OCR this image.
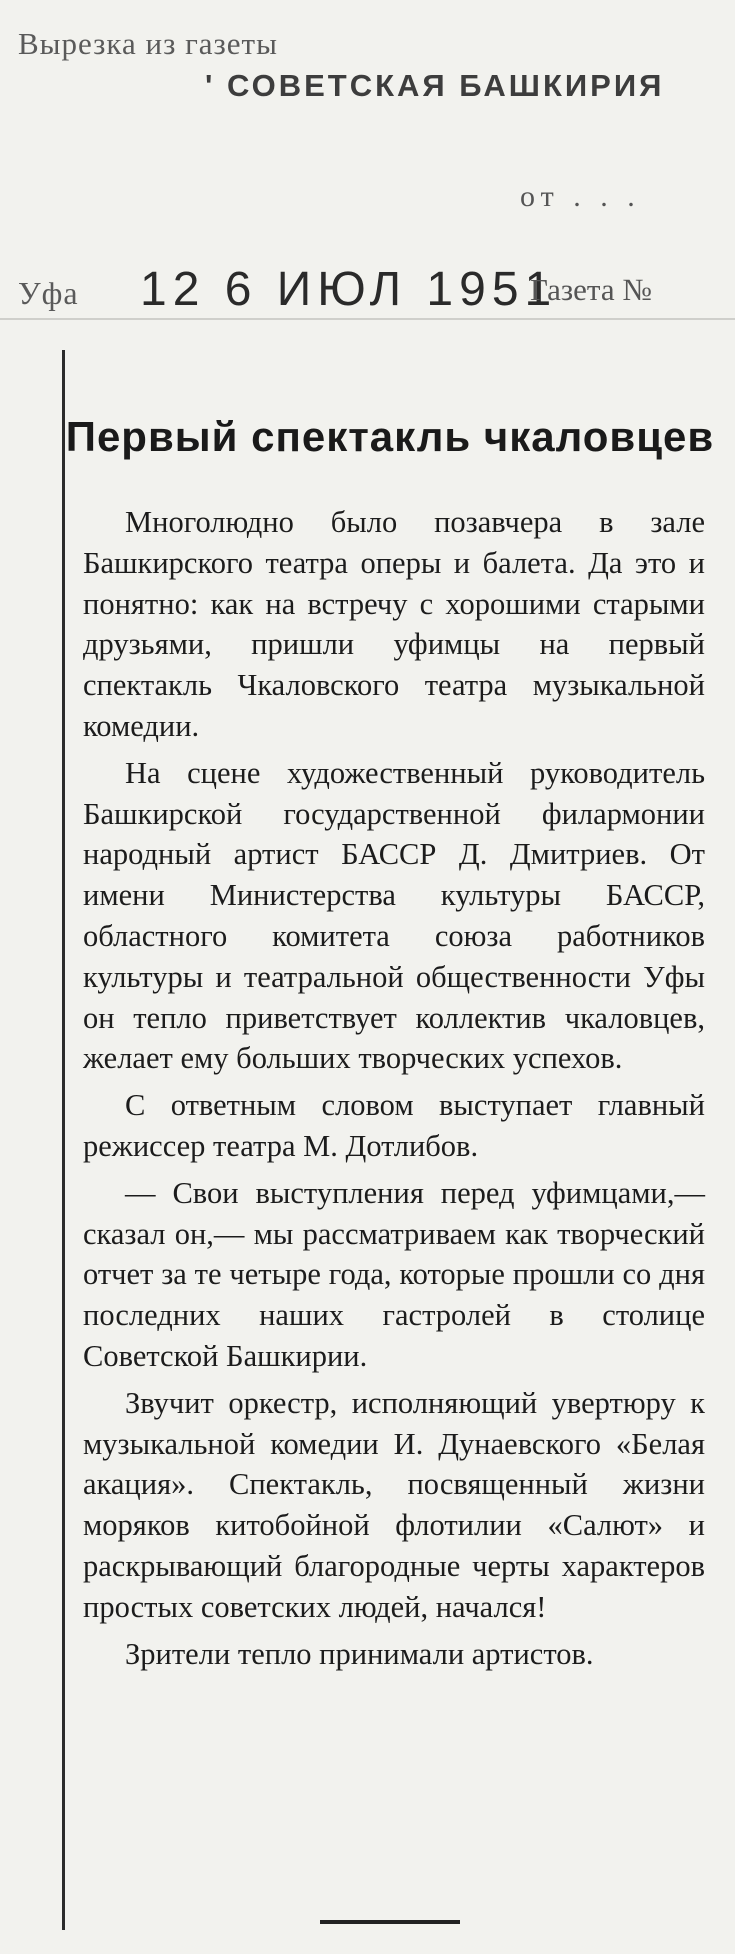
Вырезка из газеты
' СОВЕТСКАЯ БАШКИРИЯ
от . . .
Уфа	12 6 ИЮЛ 1951
Газета №
Первый спектакль чкаловцев

Многолюдно было позавчера в зале Башкирского театра оперы и балета. Да это и понятно: как на встречу с хорошими старыми друзьями, пришли уфимцы на первый спектакль Чкаловского театра музыкальной комедии.

На сцене художественный руководитель Башкирской государственной филармонии народный артист БАССР Д. Дмитриев. От имени Министерства культуры БАССР, областного комитета союза работников культуры и театральной общественности Уфы он тепло приветствует коллектив чкаловцев, желает ему больших творческих успехов.

С ответным словом выступает главный режиссер театра М. Дотлибов.

— Свои выступления перед уфимцами,— сказал он,— мы рассматриваем как творческий отчет за те четыре года, которые прошли со дня последних наших гастролей в столице Советской Башкирии.

Звучит оркестр, исполняющий увертюру к музыкальной комедии И. Дунаевского «Белая акация». Спектакль, посвященный жизни моряков китобойной флотилии «Салют» и раскрывающий благородные черты характеров простых советских людей, начался!

Зрители тепло принимали артистов.
